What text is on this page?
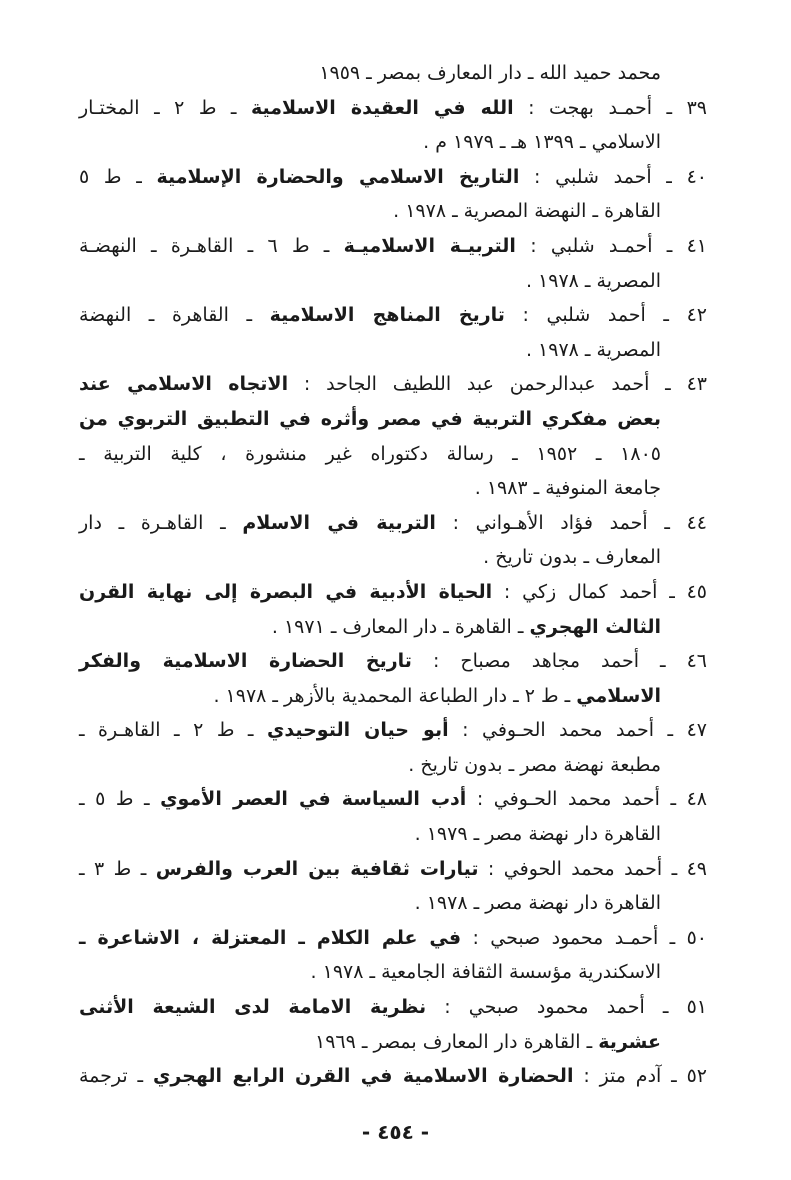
محمد حميد الله ـ دار المعارف بمصر ـ ١٩٥٩
٣٩ ـ أحمـد بهجت : الله في العقيدة الاسلامية ـ ط ٢ ـ المختـار
الاسلامي ـ ١٣٩٩ هـ ـ ١٩٧٩ م .
٤٠ ـ أحمد شلبي : التاريخ الاسلامي والحضارة الإسلامية ـ ط ٥
القاهرة ـ النهضة المصرية ـ ١٩٧٨ .
٤١ ـ أحمـد شلبي : التربيـة الاسلاميـة ـ ط ٦ ـ القاهـرة ـ النهضـة
المصرية ـ ١٩٧٨ .
٤٢ ـ أحمد شلبي : تاريخ المناهج الاسلامية ـ القاهرة ـ النهضة
المصرية ـ ١٩٧٨ .
٤٣ ـ أحمد عبدالرحمن عبد اللطيف الجاحد : الاتجاه الاسلامي عند
بعض مفكري التربية في مصر وأثره في التطبيق التربوي من
١٨٠٥ ـ ١٩٥٢ ـ رسالة دكتوراه غير منشورة ، كلية التربية ـ
جامعة المنوفية ـ ١٩٨٣ .
٤٤ ـ أحمد فؤاد الأهـواني : التربية في الاسلام ـ القاهـرة ـ دار
المعارف ـ بدون تاريخ .
٤٥ ـ أحمد كمال زكي : الحياة الأدبية في البصرة إلى نهاية القرن
الثالث الهجري ـ القاهرة ـ دار المعارف ـ ١٩٧١ .
٤٦ ـ أحمد مجاهد مصباح : تاريخ الحضارة الاسلامية والفكر
الاسلامي ـ ط ٢ ـ دار الطباعة المحمدية بالأزهر ـ ١٩٧٨ .
٤٧ ـ أحمد محمد الحـوفي : أبو حيان التوحيدي ـ ط ٢ ـ القاهـرة ـ
مطبعة نهضة مصر ـ بدون تاريخ .
٤٨ ـ أحمد محمد الحـوفي : أدب السياسة في العصر الأموي ـ ط ٥ ـ
القاهرة دار نهضة مصر ـ ١٩٧٩ .
٤٩ ـ أحمد محمد الحوفي : تيارات ثقافية بين العرب والفرس ـ ط ٣ ـ
القاهرة دار نهضة مصر ـ ١٩٧٨ .
٥٠ ـ أحمـد محمود صبحي : في علم الكلام ـ المعتزلة ، الاشاعرة ـ
الاسكندرية مؤسسة الثقافة الجامعية ـ ١٩٧٨ .
٥١ ـ أحمد محمود صبحي : نظرية الامامة لدى الشيعة الأثنى
عشرية ـ القاهرة دار المعارف بمصر ـ ١٩٦٩
٥٢ ـ آدم متز : الحضارة الاسلامية في القرن الرابع الهجري ـ ترجمة
- ٤٥٤ -
